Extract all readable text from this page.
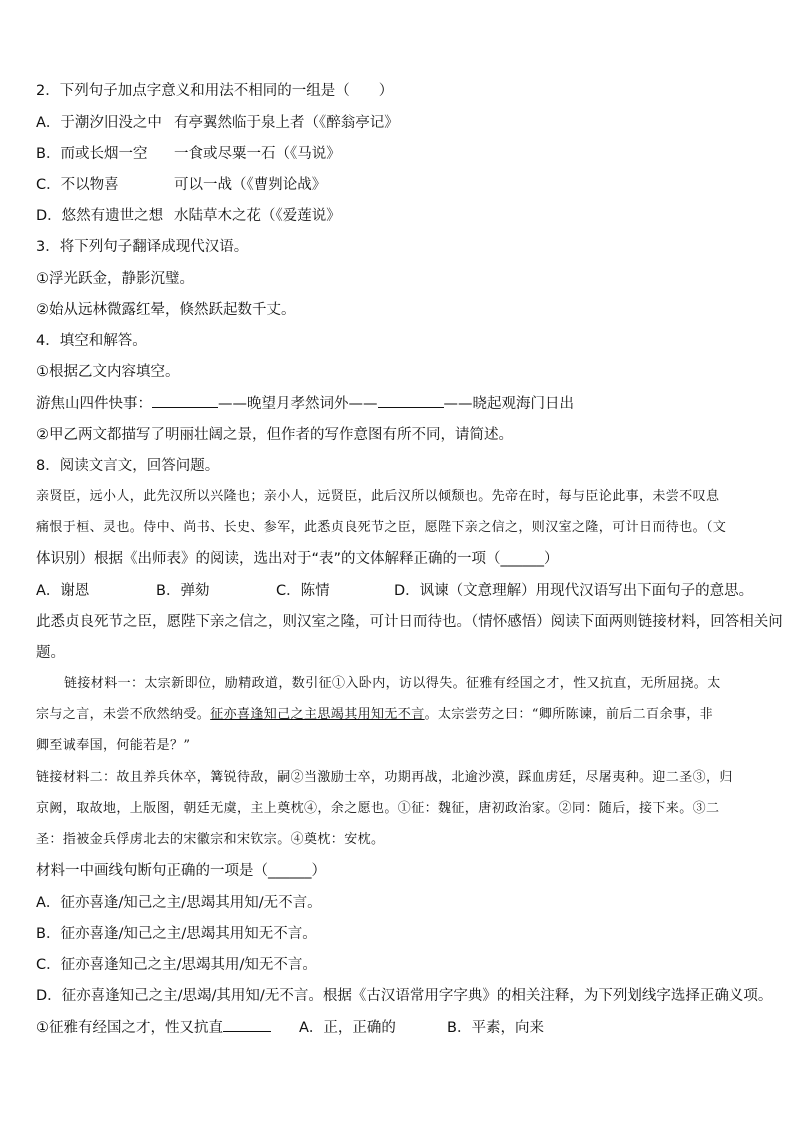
2．下列句子加点字意义和用法不相同的一组是（　　）
A．于潮汐旧没之中 有亭翼然临于泉上者（《醉翁亭记》
B．而或长烟一空 一食或尽粟一石（《马说》
C．不以物喜	可以一战（《曹刿论战》
D．悠然有遗世之想 水陆草木之花（《爱莲说》
3．将下列句子翻译成现代汉语。
①浮光跃金，静影沉璧。
②始从远林微露红晕，倏然跃起数千丈。
4．填空和解答。
①根据乙文内容填空。
游焦山四件快事：	——晚望月孝然词外——	——晓起观海门日出
②甲乙两文都描写了明丽壮阔之景，但作者的写作意图有所不同，请简述。
8．阅读文言文，回答问题。
亲贤臣，远小人，此先汉所以兴隆也；亲小人，远贤臣，此后汉所以倾颓也。先帝在时，每与臣论此事，未尝不叹息
痛恨于桓、灵也。侍中、尚书、长史、参军，此悉贞良死节之臣，愿陛下亲之信之，则汉室之隆，可计日而待也。（文
体识别）根据《出师表》的阅读，选出对于“表”的文体解释正确的一项（______）
A．谢恩	B．弹劾	C．陈情	D．讽谏（文意理解）用现代汉语写出下面句子的意思。
此悉贞良死节之臣，愿陛下亲之信之，则汉室之隆，可计日而待也。（情怀感悟）阅读下面两则链接材料，回答相关问
题。
链接材料一：太宗新即位，励精政道，数引征①入卧内，访以得失。征雅有经国之才，性又抗直，无所屈挠。太
宗与之言，未尝不欣然纳受。征亦喜逢知己之主思竭其用知无不言。太宗尝劳之曰：“卿所陈谏，前后二百余事，非
卿至诚奉国，何能若是？”
链接材料二：故且养兵休卒，篝锐待敌，嗣②当激励士卒，功期再战，北逾沙漠，踩血虏廷，尽屠夷种。迎二圣③，归
京阙，取故地，上版图，朝廷无虞，主上奠枕④，余之愿也。①征：魏征，唐初政治家。②同：随后，接下来。③二
圣：指被金兵俘虏北去的宋徽宗和宋钦宗。④奠枕：安枕。
材料一中画线句断句正确的一项是（______）
A．征亦喜逢/知己之主/思竭其用知/无不言。
B．征亦喜逢/知己之主/思竭其用知无不言。
C．征亦喜逢知己之主/思竭其用/知无不言。
D．征亦喜逢知己之主/思竭/其用知/无不言。根据《古汉语常用字字典》的相关注释，为下列划线字选择正确义项。
①征雅有经国之才，性又抗直	A．正，正确的	B．平素，向来
